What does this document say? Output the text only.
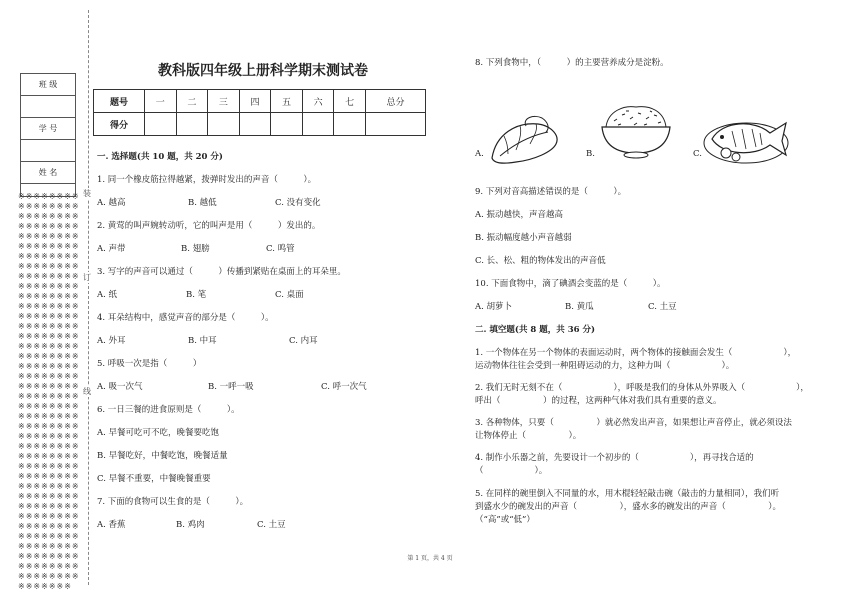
班 级

学 号

姓 名

※※※※※※※※※※※※※※※※※※※※※※※※※※※※※※※※※※※※※※※※※※※※※※※※※※※※※※※※※※※※※※※※※※※※※※※※※※※※※※※※※※※※※※※※※※※※※※※※※※※※※※※※※※※※※※※※※※※※※※※※※※※※※※※※※※※※※※※※※※※※※※※※※※※※※※※※※※※※※※※※※※※※※※※※※※※※※※※※※※※※※※※※※※※※※※※※※※※※※※※※※※※※※※※※※※※※※※※※※※※※※※※※※※※※※※※※※※※※※※※※※※※※※※※※※※※※※※※※※※※※※※※※※※※※※※※※※※※※※※※※※※※※※※※※※※※※※※※※※※※※※※※※※※※※※※※※※※※※※※※
装
订
线
教科版四年级上册科学期末测试卷
题号	一	二	三	四	五	六	七	总分
得分								
一. 选择题(共 10 题，共 20 分)
1. 同一个橡皮筋拉得越紧，拨弹时发出的声音（　　　）。
A. 越高	B. 越低	C. 没有变化
2. 黄莺的叫声婉转动听，它的叫声是用（　　　）发出的。
A. 声带	B. 翅膀	C. 鸣管
3. 写字的声音可以通过（　　　）传播到紧贴在桌面上的耳朵里。
A. 纸	B. 笔	C. 桌面
4. 耳朵结构中，感觉声音的部分是（　　　）。
A. 外耳	B. 中耳	C. 内耳
5. 呼吸一次是指（　　　）
A. 吸一次气	B. 一呼一吸	C. 呼一次气
6. 一日三餐的进食原则是（　　　）。
A. 早餐可吃可不吃，晚餐要吃饱
B. 早餐吃好，中餐吃饱，晚餐适量
C. 早餐不重要，中餐晚餐重要
7. 下面的食物可以生食的是（　　　）。
A. 香蕉	B. 鸡肉	C. 土豆
8. 下列食物中，（　　　）的主要营养成分是淀粉。
A.	B.	C.
9. 下列对音高描述错误的是（　　　）。
A. 振动越快，声音越高
B. 振动幅度越小声音越弱
C. 长、松、粗的物体发出的声音低
10. 下面食物中，滴了碘酒会变蓝的是（　　　）。
A. 胡萝卜	B. 黄瓜	C. 土豆
二. 填空题(共 8 题，共 36 分)
1. 一个物体在另一个物体的表面运动时，两个物体的接触面会发生（　　　　　　），
运动物体往往会受到一种阻碍运动的力，这种力叫（　　　　　　）。
2. 我们无时无刻不在（　　　　　　），呼吸是我们的身体从外界吸入（　　　　　　），
呼出（　　　　　）的过程，这两种气体对我们具有重要的意义。
3. 各种物体，只要（　　　　　）就必然发出声音，如果想让声音停止，就必须设法
让物体停止（　　　　　）。
4. 制作小乐器之前，先要设计一个初步的（　　　　　　），再寻找合适的
（　　　　　　）。
5. 在同样的碗里倒入不同量的水，用木棍轻轻敲击碗（敲击的力量相同），我们听
到盛水少的碗发出的声音（　　　　　），盛水多的碗发出的声音（　　　　　）。
（“高”或“低”）
第 1 页，共 4 页
